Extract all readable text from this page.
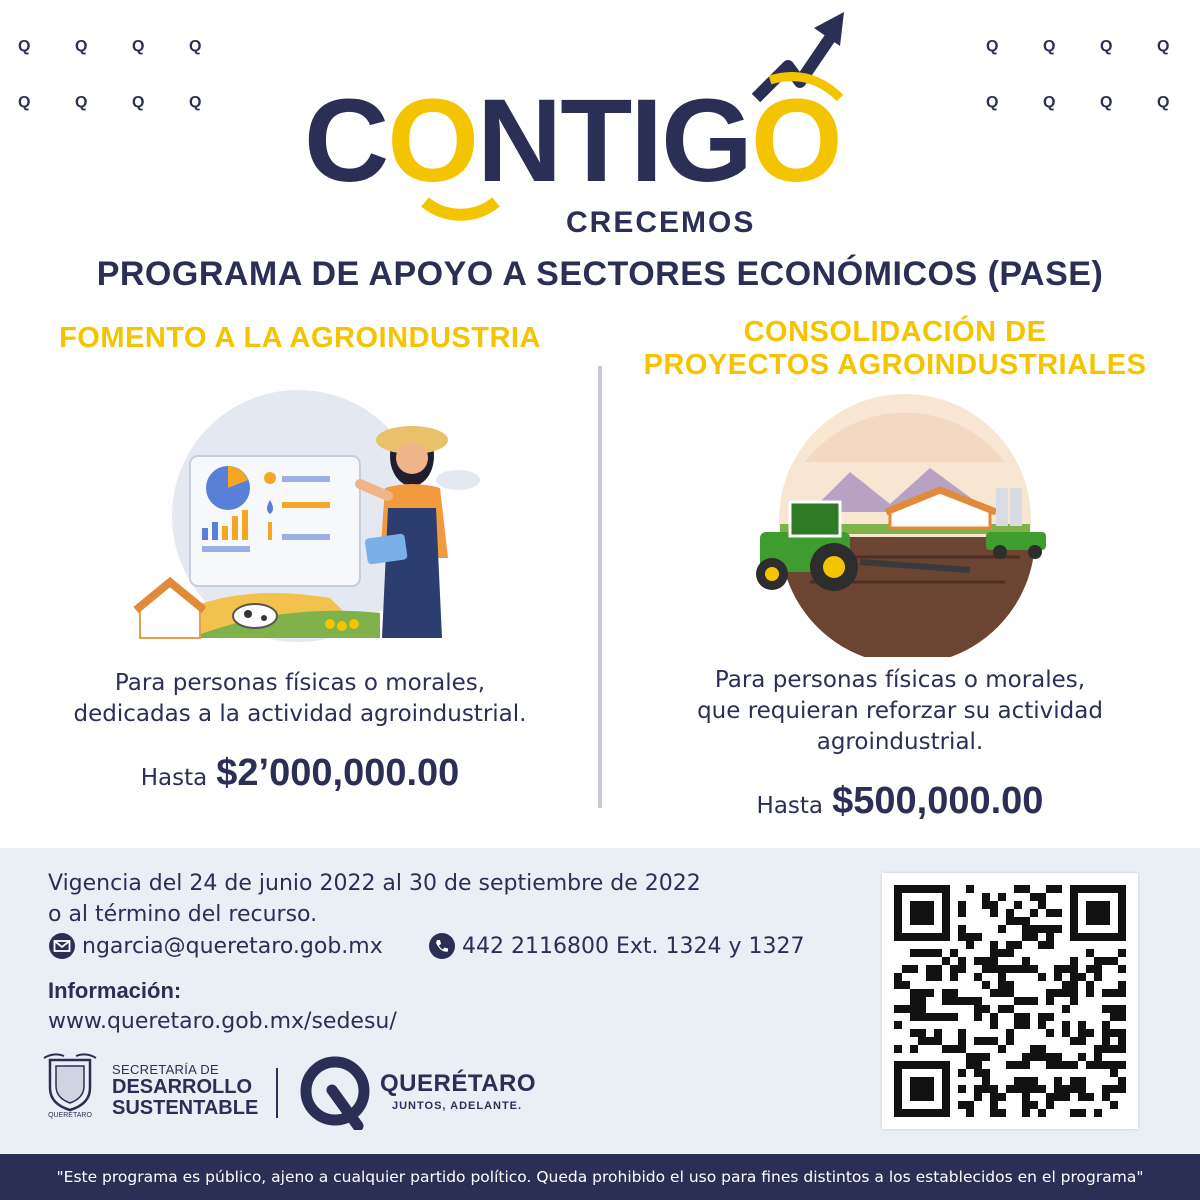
Q	Q	Q	Q
Q	Q	Q	Q
Q	Q	Q	Q
Q	Q	Q	Q
CONTIGO
CRECEMOS
PROGRAMA DE APOYO A SECTORES ECONÓMICOS (PASE)
FOMENTO A LA AGROINDUSTRIA	CONSOLIDACIÓN DE
PROYECTOS AGROINDUSTRIALES
Para personas físicas o morales,
dedicadas a la actividad agroindustrial.
Para personas físicas o morales,
que requieran reforzar su actividad
agroindustrial.
Hasta $2’000,000.00
Hasta $500,000.00
Vigencia del 24 de junio 2022 al 30 de septiembre de 2022
o al término del recurso.
ngarcia@queretaro.gob.mx	442 2116800 Ext. 1324 y 1327
Información:
www.queretaro.gob.mx/sedesu/
QUERÉTARO
SECRETARÍA DE
DESARROLLO
SUSTENTABLE
QUERÉTARO
JUNTOS, ADELANTE.
"Este programa es público, ajeno a cualquier partido político. Queda prohibido el uso para fines distintos a los establecidos en el programa"
